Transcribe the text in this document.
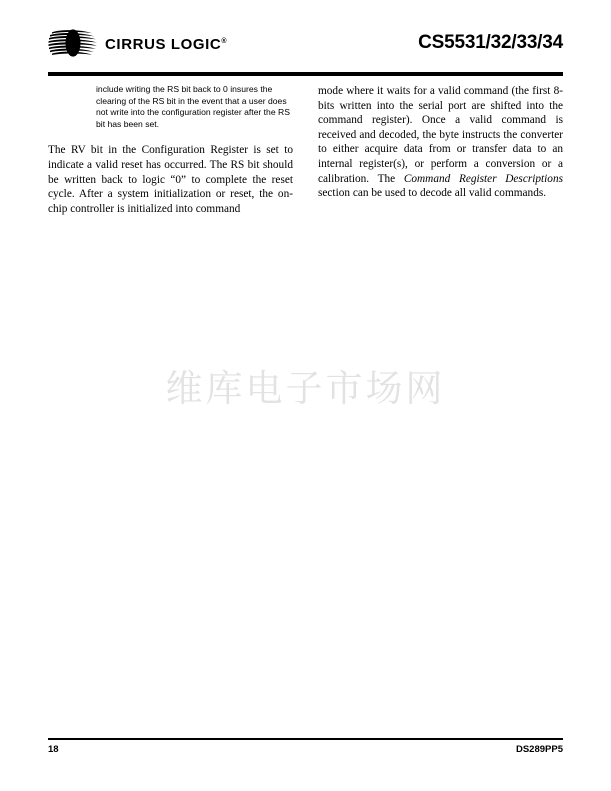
CIRRUS LOGIC®	CS5531/32/33/34

include writing the RS bit back to 0 insures the clearing of the RS bit in the event that a user does not write into the configuration register after the RS bit has been set.

The RV bit in the Configuration Register is set to indicate a valid reset has occurred. The RS bit should be written back to logic “0” to complete the reset cycle. After a system initialization or reset, the on-chip controller is initialized into command

mode where it waits for a valid command (the first 8-bits written into the serial port are shifted into the command register). Once a valid command is received and decoded, the byte instructs the converter to either acquire data from or transfer data to an internal register(s), or perform a conversion or a calibration. The Command Register Descriptions section can be used to decode all valid commands.

维库电子市场网
18	DS289PP5
